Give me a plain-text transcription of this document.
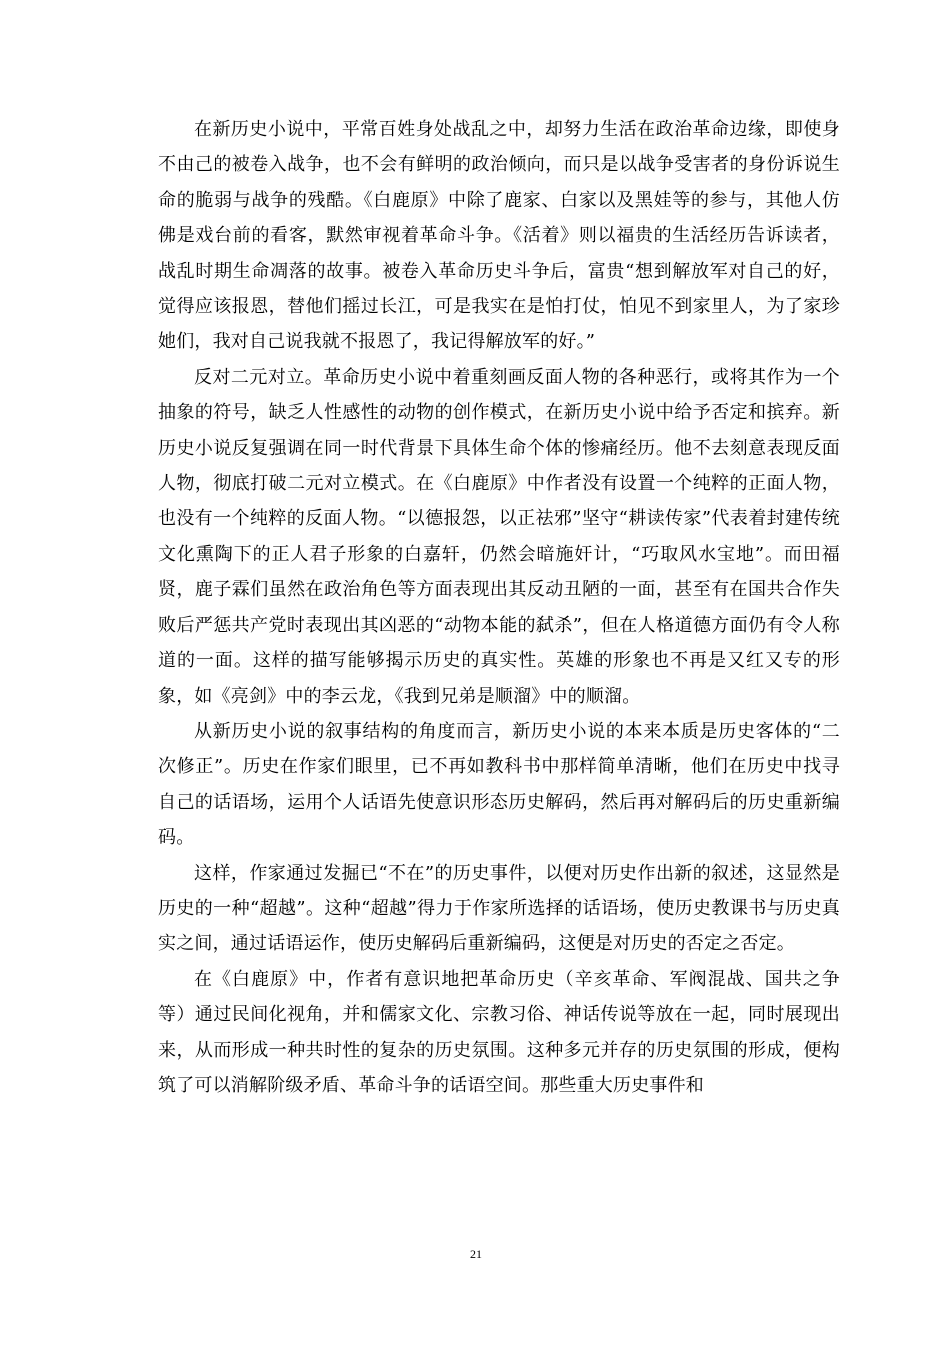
在新历史小说中，平常百姓身处战乱之中，却努力生活在政治革命边缘，即使身不由己的被卷入战争，也不会有鲜明的政治倾向，而只是以战争受害者的身份诉说生命的脆弱与战争的残酷。《白鹿原》中除了鹿家、白家以及黑娃等的参与，其他人仿佛是戏台前的看客，默然审视着革命斗争。《活着》则以福贵的生活经历告诉读者，战乱时期生命凋落的故事。被卷入革命历史斗争后，富贵“想到解放军对自己的好，觉得应该报恩，替他们摇过长江，可是我实在是怕打仗，怕见不到家里人，为了家珍她们，我对自己说我就不报恩了，我记得解放军的好。”

反对二元对立。革命历史小说中着重刻画反面人物的各种恶行，或将其作为一个抽象的符号，缺乏人性感性的动物的创作模式，在新历史小说中给予否定和摈弃。新历史小说反复强调在同一时代背景下具体生命个体的惨痛经历。他不去刻意表现反面人物，彻底打破二元对立模式。在《白鹿原》中作者没有设置一个纯粹的正面人物，也没有一个纯粹的反面人物。“以德报怨，以正祛邪”坚守“耕读传家”代表着封建传统文化熏陶下的正人君子形象的白嘉轩，仍然会暗施奸计，“巧取风水宝地”。而田福贤，鹿子霖们虽然在政治角色等方面表现出其反动丑陋的一面，甚至有在国共合作失败后严惩共产党时表现出其凶恶的“动物本能的弑杀”，但在人格道德方面仍有令人称道的一面。这样的描写能够揭示历史的真实性。英雄的形象也不再是又红又专的形象，如《亮剑》中的李云龙，《我到兄弟是顺溜》中的顺溜。

从新历史小说的叙事结构的角度而言，新历史小说的本来本质是历史客体的“二次修正”。历史在作家们眼里，已不再如教科书中那样简单清晰，他们在历史中找寻自己的话语场，运用个人话语先使意识形态历史解码，然后再对解码后的历史重新编码。

这样，作家通过发掘已“不在”的历史事件，以便对历史作出新的叙述，这显然是历史的一种“超越”。这种“超越”得力于作家所选择的话语场，使历史教课书与历史真实之间，通过话语运作，使历史解码后重新编码，这便是对历史的否定之否定。

在《白鹿原》中，作者有意识地把革命历史（辛亥革命、军阀混战、国共之争等）通过民间化视角，并和儒家文化、宗教习俗、神话传说等放在一起，同时展现出来，从而形成一种共时性的复杂的历史氛围。这种多元并存的历史氛围的形成，便构筑了可以消解阶级矛盾、革命斗争的话语空间。那些重大历史事件和

21
